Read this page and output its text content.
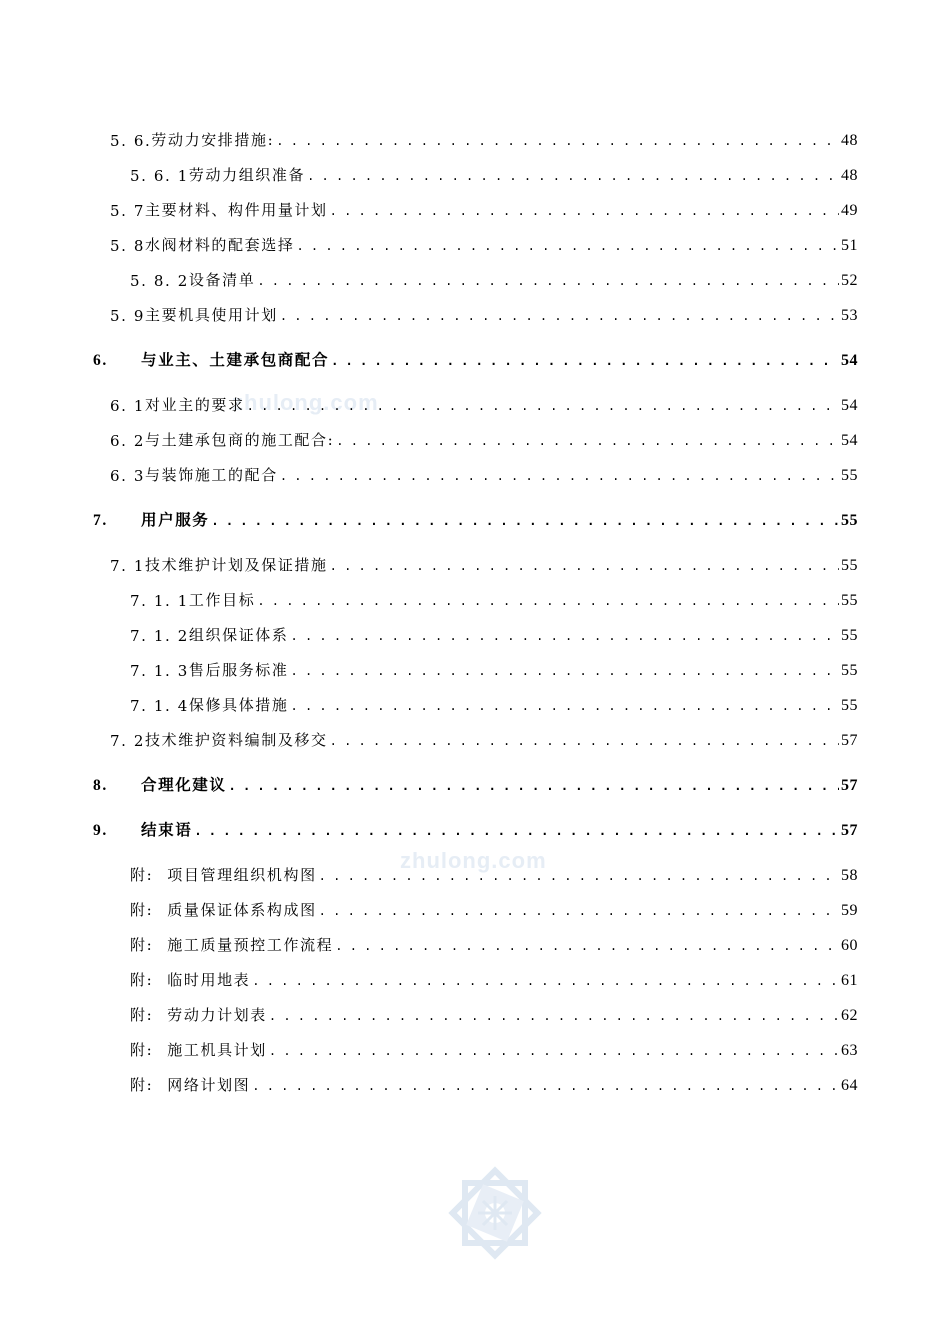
zhulong.com
zhulong.com
5. 6. 劳动力安排措施: . . .	48
5. 6. 1 劳动力组织准备 . . .	48
5. 7 主要材料、构件用量计划 . . .	49
5. 8 水阀材料的配套选择 . . .	51
5. 8. 2 设备清单 . . .	52
5. 9 主要机具使用计划 . . .	53
6.	与业主、土建承包商配合 . . .	54
6. 1 对业主的要求 . . .	54
6. 2 与土建承包商的施工配合: . . .	54
6. 3 与装饰施工的配合 . . .	55
7.	用户服务 . . .	55
7. 1 技术维护计划及保证措施 . . .	55
7. 1. 1 工作目标 . . .	55
7. 1. 2 组织保证体系 . . .	55
7. 1. 3 售后服务标准 . . .	55
7. 1. 4 保修具体措施 . . .	55
7. 2 技术维护资料编制及移交 . . .	57
8.	合理化建议 . . .	57
9.	结束语 . . .	57
附: 项目管理组织机构图 . . .	58
附: 质量保证体系构成图 . . .	59
附: 施工质量预控工作流程 . . .	60
附: 临时用地表 . . .	61
附: 劳动力计划表 . . .	62
附: 施工机具计划 . . .	63
附: 网络计划图 . . .	64
